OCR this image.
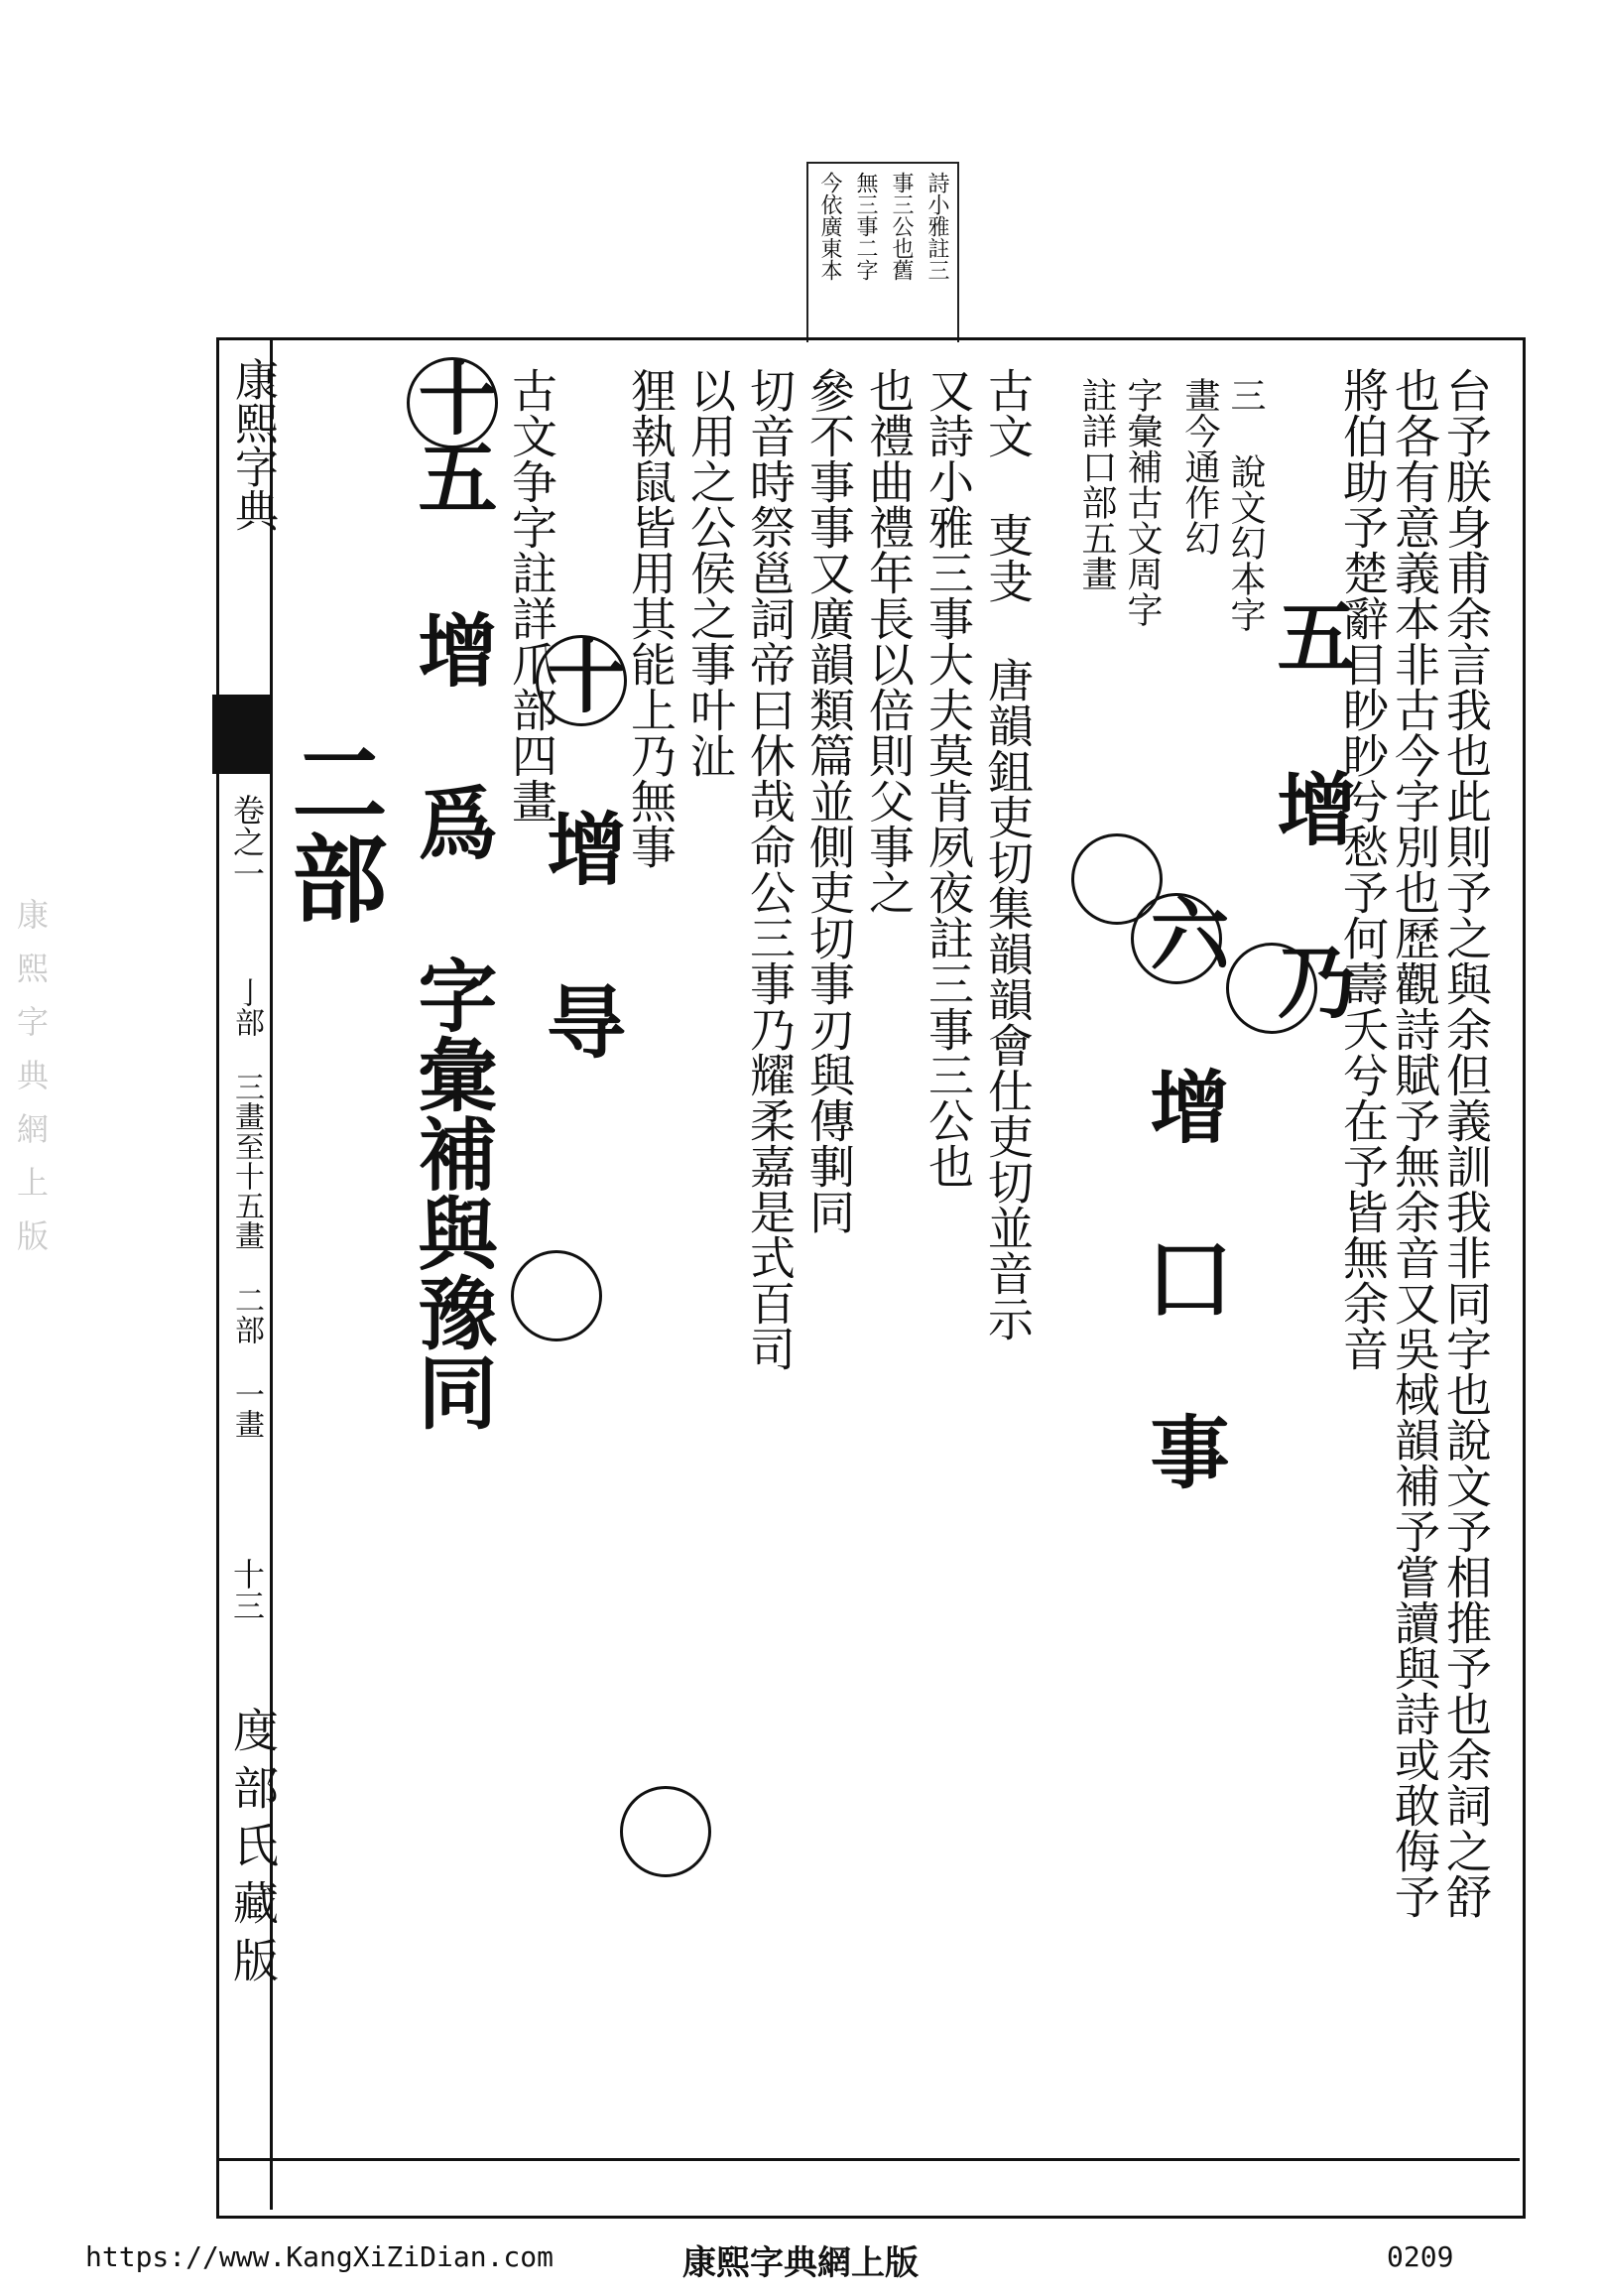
詩小雅註三
事三公也舊
無三事二字
今依廣東本
康熙字典
卷之一
亅部 三畫至十五畫 二部 一畫
十三
度部氏藏版
康熙字典網上版	台予朕身甫余言我也此則予之與余但義訓我非同字也說文予相推予也余詞之舒
也各有意義本非古今字別也歷觀詩賦予無余音又吳棫韻補予嘗讀與詩或敢侮予
將伯助予楚辭目眇眇兮愁予何壽夭兮在予皆無余音
三 說文幻本字
畫今通作幻
五 增 乃
字彙補古文周字
註詳口部五畫
六 增 囗 事
古文 叓叏 唐韻鉏吏切集韻韻會仕吏切並音示
又詩小雅三事大夫莫肯夙夜註三事三公也
也禮曲禮年長以倍則父事之
參不事事又廣韻類篇並側吏切事刃與傳剚同
切音時祭邕詞帝曰休哉命公三事乃耀柔嘉是式百司
以用之公侯之事叶沚
狸執鼠皆用其能上乃無事
古文争字註詳爪部四畫
十 增 㝵
十五 增 爲 字彙補與豫同
二部
https://www.KangXiZiDian.com	康熙字典網上版	0209
